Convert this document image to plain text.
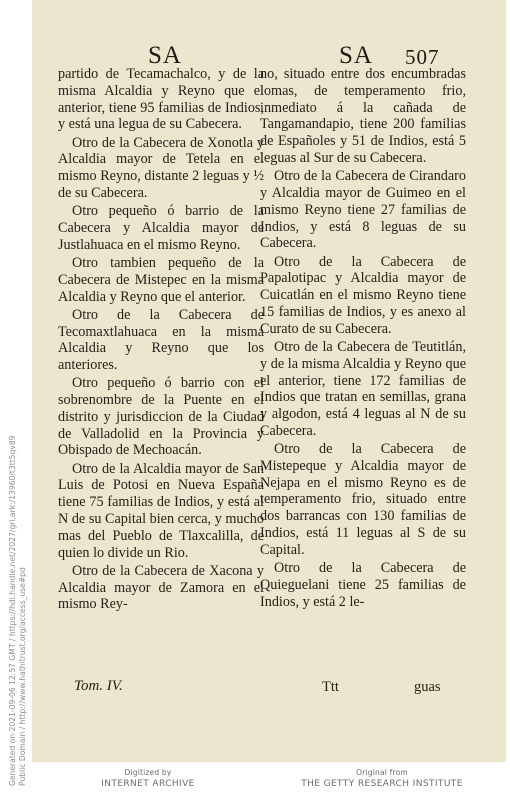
SA	SA 507

partido de Tecamachalco, y de la misma Alcaldia y Reyno que el anterior, tiene 95 familias de Indios, y está una legua de su Cabecera.

Otro de la Cabecera de Xonotla y Alcaldia mayor de Tetela en el mismo Reyno, distante 2 leguas y ½ de su Cabecera.

Otro pequeño ó barrio de la Cabecera y Alcaldia mayor de Justlahuaca en el mismo Reyno.

Otro tambien pequeño de la Cabecera de Mistepec en la misma Alcaldia y Reyno que el anterior.

Otro de la Cabecera de Tecomaxtlahuaca en la misma Alcaldia y Reyno que los anteriores.

Otro pequeño ó barrio con el sobrenombre de la Puente en el distrito y jurisdiccion de la Ciudad de Valladolid en la Provincia y Obispado de Mechoacán.

Otro de la Alcaldia mayor de San Luis de Potosi en Nueva España tiene 75 familias de Indios, y está al N de su Capital bien cerca, y mucho mas del Pueblo de Tlaxcalilla, de quien lo divide un Rio.

Otro de la Cabecera de Xacona y Alcaldia mayor de Zamora en el mismo Rey-

no, situado entre dos encumbradas lomas, de temperamento frio, inmediato á la cañada de Tangamandapio, tiene 200 familias de Españoles y 51 de Indios, está 5 leguas al Sur de su Cabecera.

Otro de la Cabecera de Cirandaro y Alcaldia mayor de Guimeo en el mismo Reyno tiene 27 familias de Indios, y está 8 leguas de su Cabecera.

Otro de la Cabecera de Papalotipac y Alcaldia mayor de Cuicatlán en el mismo Reyno tiene 15 familias de Indios, y es anexo al Curato de su Cabecera.

Otro de la Cabecera de Teutitlán, y de la misma Alcaldia y Reyno que el anterior, tiene 172 familias de Indios que tratan en semillas, grana y algodon, está 4 leguas al N de su Cabecera.

Otro de la Cabecera de Mistepeque y Alcaldia mayor de Nejapa en el mismo Reyno es de temperamento frio, situado entre dos barrancas con 130 familias de Indios, está 11 leguas al S de su Capital.

Otro de la Cabecera de Quieguelani tiene 25 familias de Indios, y está 2 le-

Tom. IV.	Ttt	guas
Generated on 2021-09-06 12:57 GMT / https://hdl.handle.net/2027/gri.ark:/13960/t3tt5qv89 Public Domain / http://www.hathitrust.org/access_use#pd	Digitized by
INTERNET ARCHIVE
Original from
THE GETTY RESEARCH INSTITUTE
